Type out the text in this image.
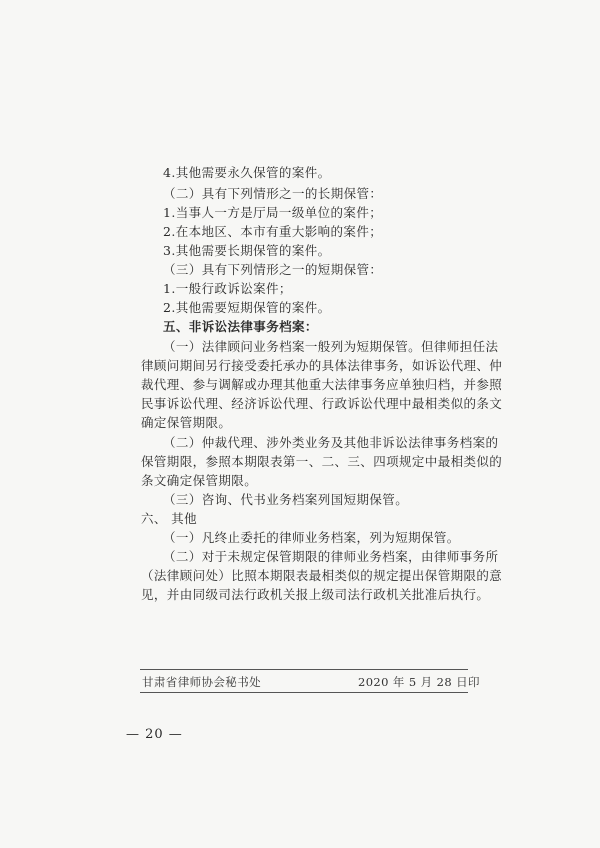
4.其他需要永久保管的案件。
（二）具有下列情形之一的长期保管：
1.当事人一方是厅局一级单位的案件；
2.在本地区、本市有重大影响的案件；
3.其他需要长期保管的案件。
（三）具有下列情形之一的短期保管：
1.一般行政诉讼案件；
2.其他需要短期保管的案件。
五、非诉讼法律事务档案：
（一）法律顾问业务档案一般列为短期保管。但律师担任法
律顾问期间另行接受委托承办的具体法律事务，如诉讼代理、仲
裁代理、参与调解或办理其他重大法律事务应单独归档，并参照
民事诉讼代理、经济诉讼代理、行政诉讼代理中最相类似的条文
确定保管期限。
（二）仲裁代理、涉外类业务及其他非诉讼法律事务档案的
保管期限，参照本期限表第一、二、三、四项规定中最相类似的
条文确定保管期限。
（三）咨询、代书业务档案列国短期保管。
六、 其他
（一）凡终止委托的律师业务档案，列为短期保管。
（二）对于未规定保管期限的律师业务档案，由律师事务所
（法律顾问处）比照本期限表最相类似的规定提出保管期限的意
见，并由同级司法行政机关报上级司法行政机关批准后执行。
甘肃省律师协会秘书处	2020 年 5 月 28 日印
— 20 —
